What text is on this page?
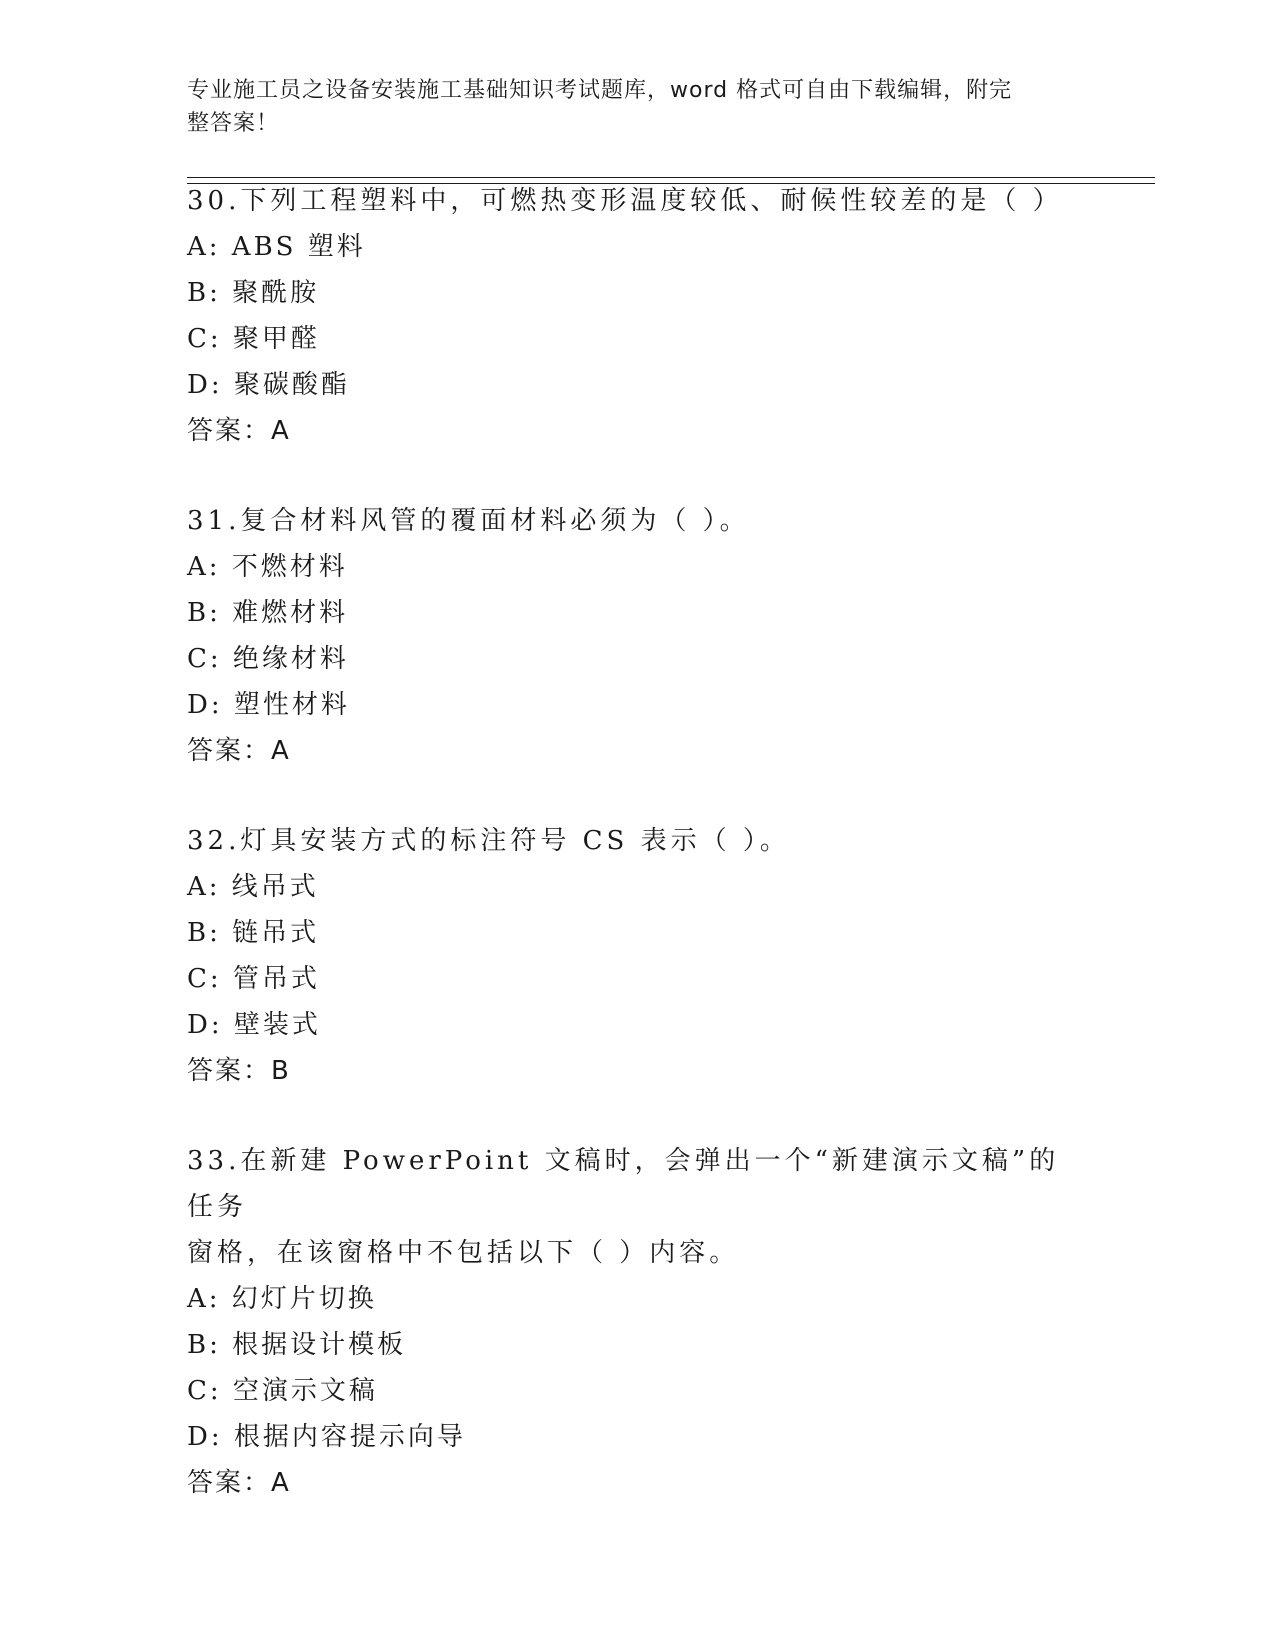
专业施工员之设备安装施工基础知识考试题库，word 格式可自由下载编辑，附完
整答案！

30.下列工程塑料中，可燃热变形温度较低、耐候性较差的是（ ）

A: ABS 塑料

B: 聚酰胺

C: 聚甲醛

D: 聚碳酸酯

答案：A

31.复合材料风管的覆面材料必须为（ ）。

A: 不燃材料

B: 难燃材料

C: 绝缘材料

D: 塑性材料

答案：A

32.灯具安装方式的标注符号 CS 表示（ ）。

A: 线吊式

B: 链吊式

C: 管吊式

D: 壁装式

答案：B

33.在新建 PowerPoint 文稿时，会弹出一个“新建演示文稿”的任务

窗格，在该窗格中不包括以下（ ）内容。

A: 幻灯片切换

B: 根据设计模板

C: 空演示文稿

D: 根据内容提示向导

答案：A
